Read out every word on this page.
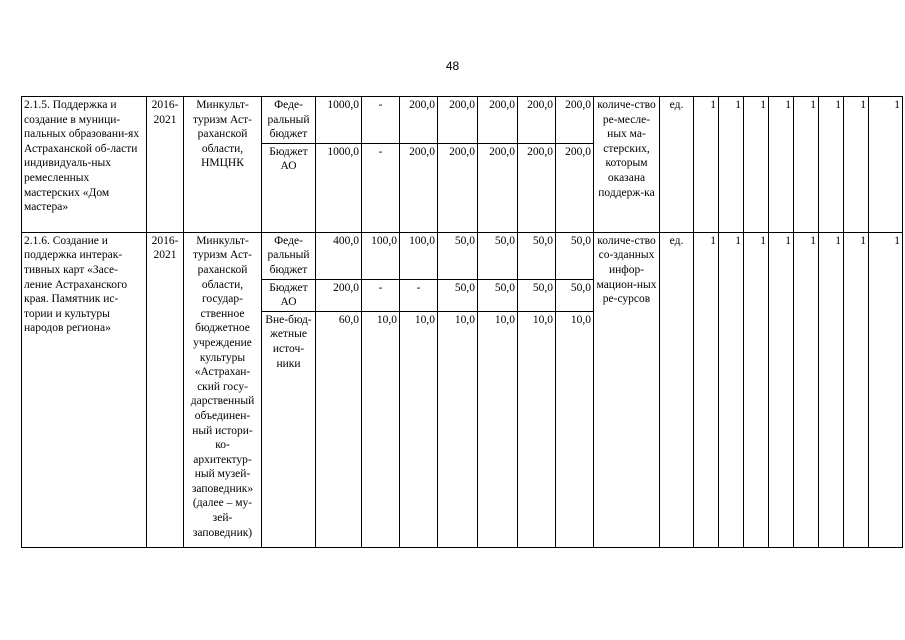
48
2.1.5. Поддержка и создание в муници-пальных образовани-ях Астраханской об-ласти индивидуаль-ных ремесленных мастерских «Дом мастера»	2016-2021	Минкульт-туризм Аст-раханской области, НМЦНК	Феде-ральный бюджет	1000,0	-	200,0	200,0	200,0	200,0	200,0	количе-ство ре-месле-ных ма-стерских, которым оказана поддерж-ка	ед.	1	1	1	1	1	1	1	1
			Бюджет АО	1000,0	-	200,0	200,0	200,0	200,0	200,0										
2.1.6. Создание и поддержка интерак-тивных карт «Засе-ление Астраханского края. Памятник ис-тории и культуры народов региона»	2016-2021	Минкульт-туризм Аст-раханской области, государ-ственное бюджетное учреждение культуры «Астрахан-ский госу-дарственный объединен-ный истори-ко-архитектур-ный музей-заповедник» (далее – му-зей-заповедник)	Феде-ральный бюджет	400,0	100,0	100,0	50,0	50,0	50,0	50,0	количе-ство со-зданных инфор-мацион-ных ре-сурсов	ед.	1	1	1	1	1	1	1	1
			Бюджет АО	200,0	-	-	50,0	50,0	50,0	50,0										
			Вне-бюд-жетные источ-ники	60,0	10,0	10,0	10,0	10,0	10,0	10,0										
